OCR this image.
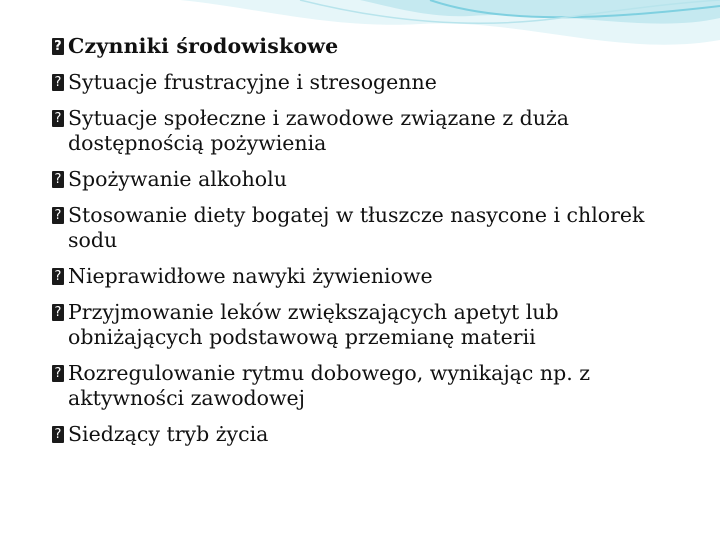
? Czynniki środowiskowe
? Sytuacje frustracyjne i stresogenne
? Sytuacje społeczne i zawodowe związane z duża dostępnością pożywienia
? Spożywanie alkoholu
? Stosowanie diety bogatej w tłuszcze nasycone i chlorek sodu
? Nieprawidłowe nawyki żywieniowe
? Przyjmowanie leków zwiększających apetyt lub obniżających podstawową przemianę materii
? Rozregulowanie rytmu dobowego, wynikając np. z aktywności zawodowej
? Siedzący tryb życia
